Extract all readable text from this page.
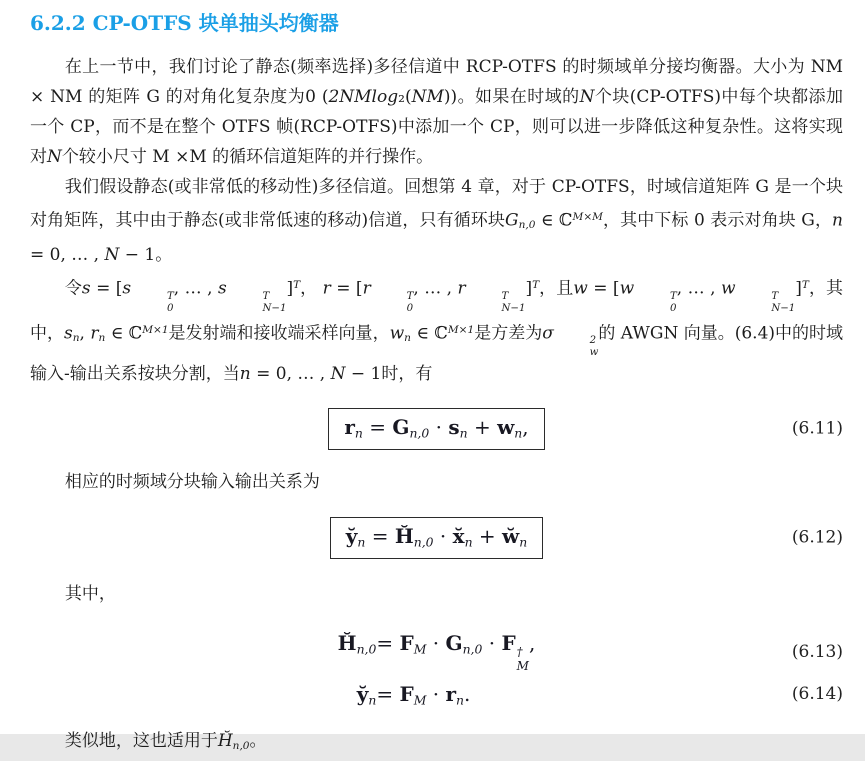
6.2.2 CP-OTFS 块单抽头均衡器

在上一节中，我们讨论了静态(频率选择)多径信道中 RCP-OTFS 的时频域单分接均衡器。大小为 NM × NM 的矩阵 G 的对角化复杂度为0 (2NMlog₂(NM))。如果在时域的N个块(CP-OTFS)中每个块都添加一个 CP，而不是在整个 OTFS 帧(RCP-OTFS)中添加一个 CP，则可以进一步降低这种复杂性。这将实现对N个较小尺寸 M ×M 的循环信道矩阵的并行操作。

我们假设静态(或非常低的移动性)多径信道。回想第 4 章，对于 CP-OTFS，时域信道矩阵 G 是一个块对角矩阵，其中由于静态(或非常低速的移动)信道，只有循环块Gn,0 ∈ ℂ$^{M\times M}$，其中下标 0 表示对角块 G，n = 0, … , N − 1。

令s = [s	T
0
, … , s	T
N−1
]$^T$， r = [r	T
0
, … , r	T
N−1
]$^T$，且w = [w	T
0
, … , w	T
N−1
]$^T$，其中，sn, rn ∈ ℂ$^{M\times 1}$是发射端和接收端采样向量，wn ∈ ℂ$^{M\times 1}$是方差为σ	2
w
的 AWGN 向量。(6.4)中的时域输入-输出关系按块分割，当n = 0, … , N − 1时，有

rn = Gn,0 · sn + wn,	(6.11)

相应的时频域分块输入输出关系为

y̆n = H̆n,0 · x̆n + w̆n	(6.12)

其中，

H̆n,0 = FM · Gn,0 · F †
M
,	(6.13)
y̆n = FM · rn.	(6.14)

类似地，这也适用于H̆n,0。
